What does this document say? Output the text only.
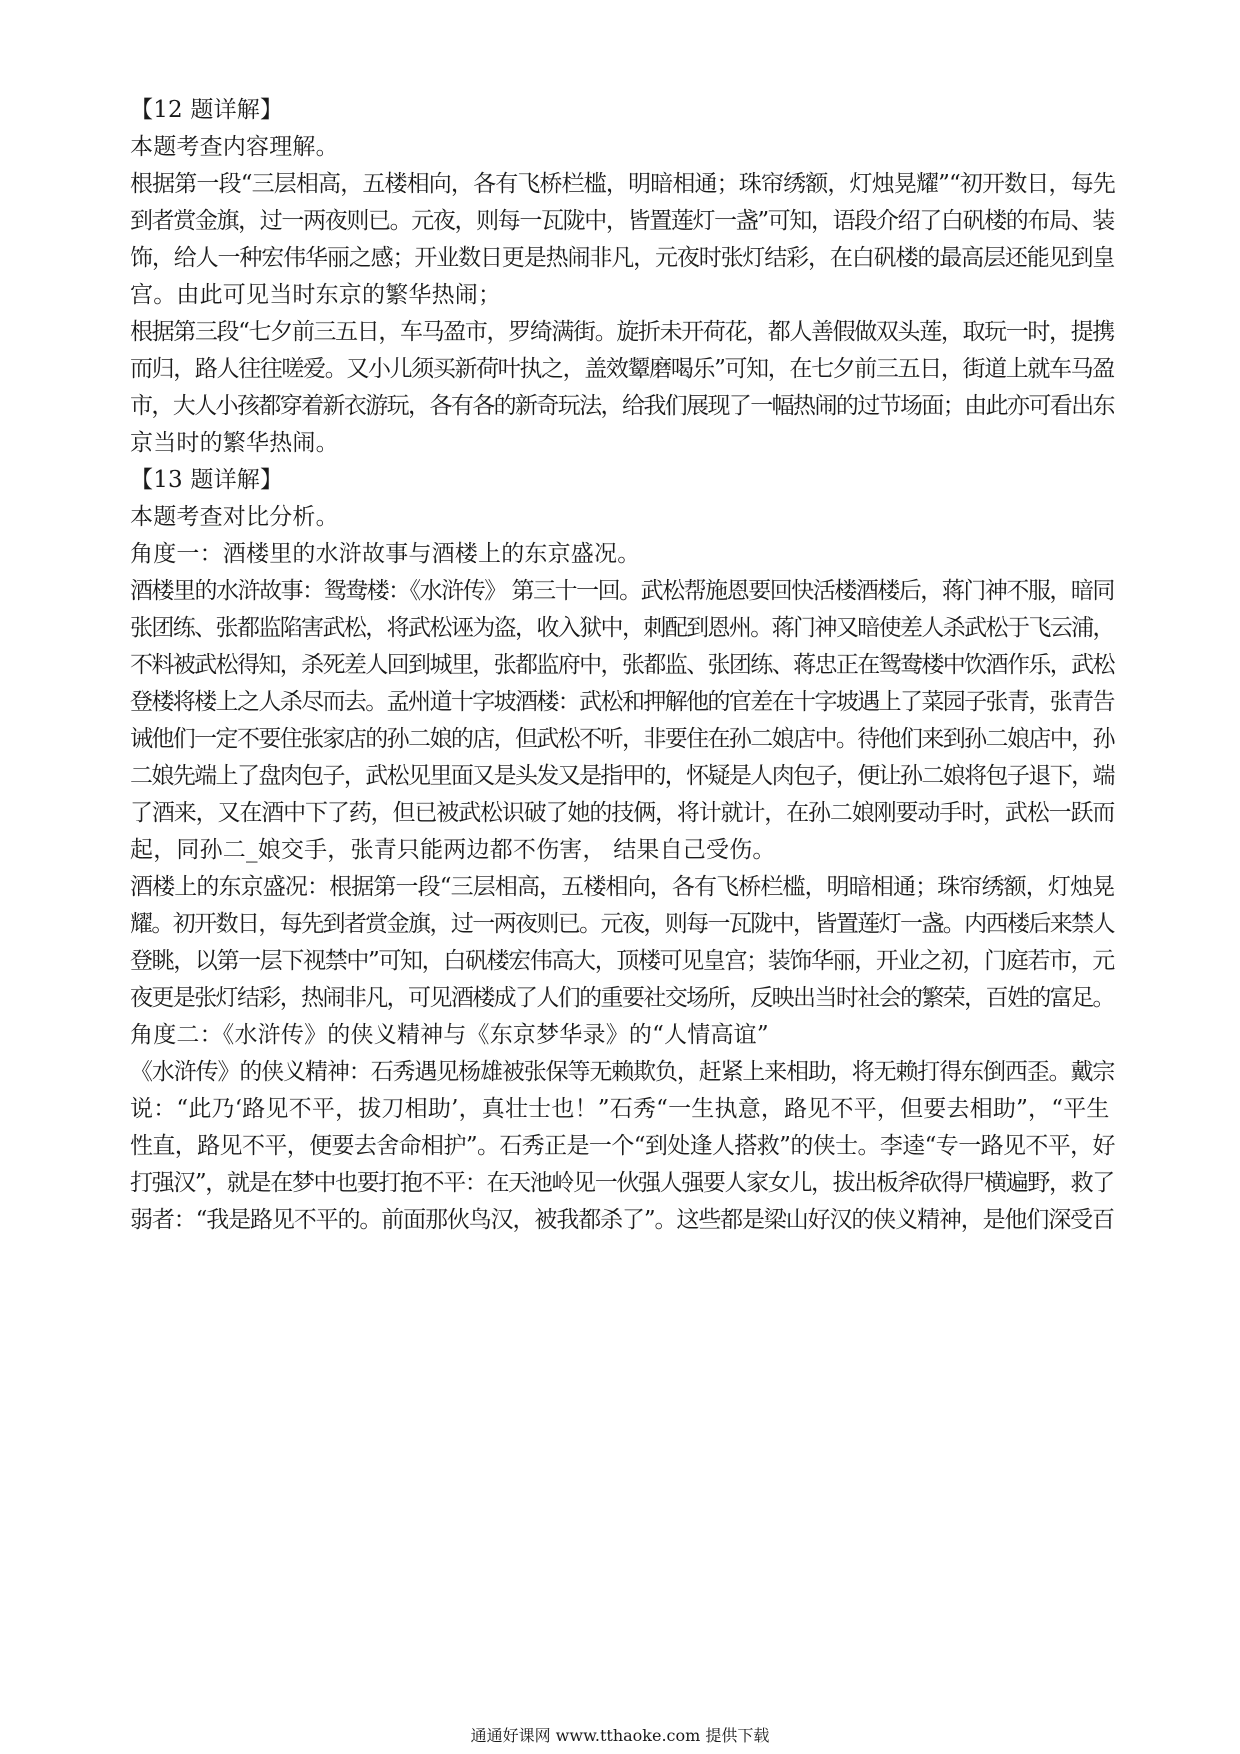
【12 题详解】
本题考查内容理解。
根据第一段“三层相高，五楼相向，各有飞桥栏槛，明暗相通；珠帘绣额，灯烛晃耀”“初开数日，每先
到者赏金旗，过一两夜则已。元夜，则每一瓦陇中，皆置莲灯一盏”可知，语段介绍了白矾楼的布局、装
饰，给人一种宏伟华丽之感；开业数日更是热闹非凡，元夜时张灯结彩，在白矾楼的最高层还能见到皇
宫。由此可见当时东京的繁华热闹；
根据第三段“七夕前三五日，车马盈市，罗绮满街。旋折未开荷花，都人善假做双头莲，取玩一时，提携
而归，路人往往嗟爱。又小儿须买新荷叶执之，盖效颦磨喝乐”可知，在七夕前三五日，街道上就车马盈
市，大人小孩都穿着新衣游玩，各有各的新奇玩法，给我们展现了一幅热闹的过节场面；由此亦可看出东
京当时的繁华热闹。
【13 题详解】
本题考查对比分析。
角度一：酒楼里的水浒故事与酒楼上的东京盛况。
酒楼里的水浒故事：鸳鸯楼：《水浒传》 第三十一回。武松帮施恩要回快活楼酒楼后，蒋门神不服，暗同
张团练、张都监陷害武松，将武松诬为盗，收入狱中，刺配到恩州。蒋门神又暗使差人杀武松于飞云浦，
不料被武松得知，杀死差人回到城里，张都监府中，张都监、张团练、蒋忠正在鸳鸯楼中饮酒作乐，武松
登楼将楼上之人杀尽而去。孟州道十字坡酒楼：武松和押解他的官差在十字坡遇上了菜园子张青，张青告
诫他们一定不要住张家店的孙二娘的店，但武松不听，非要住在孙二娘店中。待他们来到孙二娘店中，孙
二娘先端上了盘肉包子，武松见里面又是头发又是指甲的，怀疑是人肉包子，便让孙二娘将包子退下，端
了酒来，又在酒中下了药，但已被武松识破了她的技俩，将计就计，在孙二娘刚要动手时，武松一跃而
起，同孙二_娘交手，张青只能两边都不伤害， 结果自己受伤。
酒楼上的东京盛况：根据第一段“三层相高，五楼相向，各有飞桥栏槛，明暗相通；珠帘绣额，灯烛晃
耀。初开数日，每先到者赏金旗，过一两夜则已。元夜，则每一瓦陇中，皆置莲灯一盏。内西楼后来禁人
登眺，以第一层下视禁中”可知，白矾楼宏伟高大，顶楼可见皇宫；装饰华丽，开业之初，门庭若市，元
夜更是张灯结彩，热闹非凡，可见酒楼成了人们的重要社交场所，反映出当时社会的繁荣，百姓的富足。
角度二：《水浒传》的侠义精神与《东京梦华录》的“人情高谊”
《水浒传》的侠义精神：石秀遇见杨雄被张保等无赖欺负，赶紧上来相助，将无赖打得东倒西歪。戴宗
说：“此乃‘路见不平，拔刀相助’，真壮士也！”石秀“一生执意，路见不平，但要去相助”，“平生
性直，路见不平，便要去舍命相护”。石秀正是一个“到处逢人搭救”的侠士。李逵“专一路见不平，好
打强汉”，就是在梦中也要打抱不平：在天池岭见一伙强人强要人家女儿，拔出板斧砍得尸横遍野，救了
弱者：“我是路见不平的。前面那伙鸟汉，被我都杀了”。这些都是梁山好汉的侠义精神，是他们深受百
通通好课网 www.tthaoke.com 提供下载
